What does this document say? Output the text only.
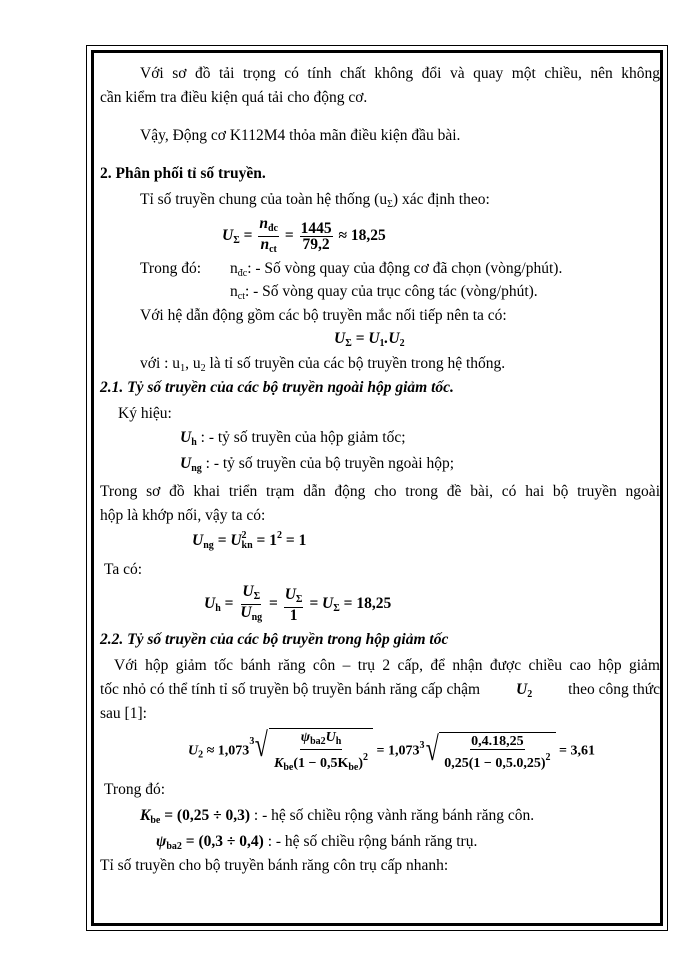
Với sơ đồ tải trọng có tính chất không đổi và quay một chiều, nên không
cần kiểm tra điều kiện quá tải cho động cơ.
Vậy, Động cơ K112M4 thỏa mãn điều kiện đầu bài.
2. Phân phối tỉ số truyền.
Tỉ số truyền chung của toàn hệ thống $(u_\Sigma)$ xác định theo:
$U_\Sigma = \frac{n_{đc}}{n_{ct}} = \frac{1445}{79,2} \approx 18,25$
Trong đó: $n_{đc}$: - Số vòng quay của động cơ đã chọn (vòng/phút).
$n_{ct}$: - Số vòng quay của trục công tác (vòng/phút).
Với hệ dẫn động gồm các bộ truyền mắc nối tiếp nên ta có:
$U_\Sigma = U_1.U_2$
với : $u_1$, $u_2$ là tỉ số truyền của các bộ truyền trong hệ thống.
2.1. Tỷ số truyền của các bộ truyền ngoài hộp giảm tốc.
Ký hiệu:
$U_h$ : - tỷ số truyền của hộp giảm tốc;
$U_{ng}$ : - tỷ số truyền của bộ truyền ngoài hộp;
Trong sơ đồ khai triển trạm dẫn động cho trong đề bài, có hai bộ truyền ngoài
hộp là khớp nối, vậy ta có:
$U_{ng} = U^2_{kn} = 1^2 = 1$
Ta có:
$U_h = \frac{U_\Sigma}{U_{ng}} = \frac{U_\Sigma}{1} = U_\Sigma = 18,25$
2.2. Tỷ số truyền của các bộ truyền trong hộp giảm tốc
Với hộp giảm tốc bánh răng côn – trụ 2 cấp, để nhận được chiều cao hộp giảm
tốc nhỏ có thể tính tỉ số truyền bộ truyền bánh răng cấp chậm $U_2$ theo công thức
sau [1]:
$U_2 \approx 1,073$
3 √ $\frac{\psi_{ba2}U_h}{K_{be}(1 - 0,5K_{be})^2} = 1,073$ 3 √ $\frac{0,4.18,25}{0,25(1 - 0,5.0,25)^2} = 3,61$
Trong đó:
$K_{be} = (0,25 \div 0,3)$ : - hệ số chiều rộng vành răng bánh răng côn.
$\psi_{ba2} = (0,3 \div 0,4)$ : - hệ số chiều rộng bánh răng trụ.
Tỉ số truyền cho bộ truyền bánh răng côn trụ cấp nhanh:
